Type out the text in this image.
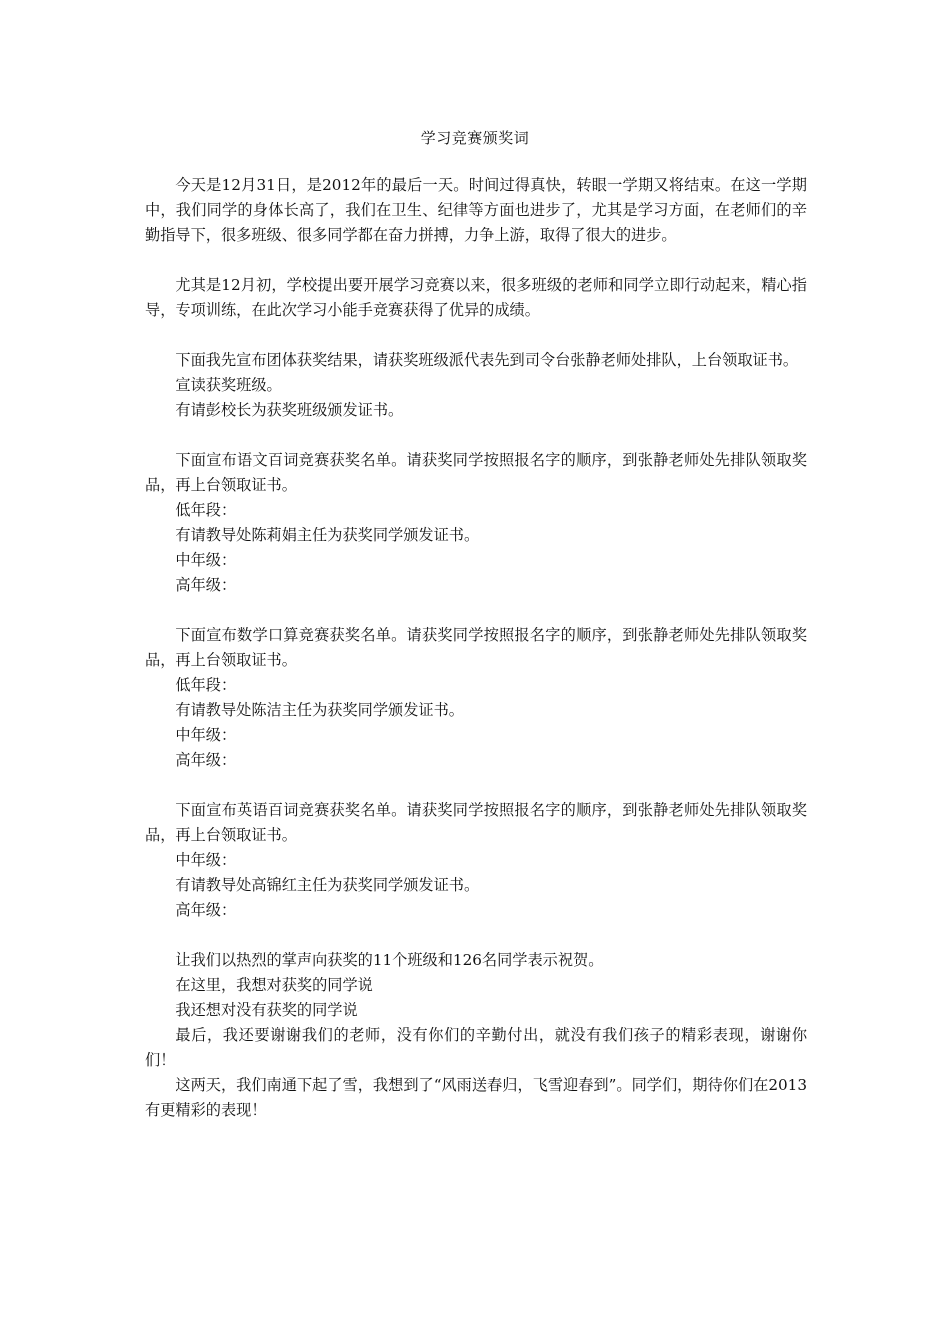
学习竞赛颁奖词

今天是12月31日，是2012年的最后一天。时间过得真快，转眼一学期又将结束。在这一学期中，我们同学的身体长高了，我们在卫生、纪律等方面也进步了，尤其是学习方面，在老师们的辛勤指导下，很多班级、很多同学都在奋力拼搏，力争上游，取得了很大的进步。

尤其是12月初，学校提出要开展学习竞赛以来，很多班级的老师和同学立即行动起来，精心指导，专项训练，在此次学习小能手竞赛获得了优异的成绩。

下面我先宣布团体获奖结果，请获奖班级派代表先到司令台张静老师处排队，上台领取证书。

宣读获奖班级。

有请彭校长为获奖班级颁发证书。

下面宣布语文百词竞赛获奖名单。请获奖同学按照报名字的顺序，到张静老师处先排队领取奖品，再上台领取证书。

低年段：

有请教导处陈莉娟主任为获奖同学颁发证书。

中年级：

高年级：

下面宣布数学口算竞赛获奖名单。请获奖同学按照报名字的顺序，到张静老师处先排队领取奖品，再上台领取证书。

低年段：

有请教导处陈洁主任为获奖同学颁发证书。

中年级：

高年级：

下面宣布英语百词竞赛获奖名单。请获奖同学按照报名字的顺序，到张静老师处先排队领取奖品，再上台领取证书。

中年级：

有请教导处高锦红主任为获奖同学颁发证书。

高年级：

让我们以热烈的掌声向获奖的11个班级和126名同学表示祝贺。

在这里，我想对获奖的同学说

我还想对没有获奖的同学说

最后，我还要谢谢我们的老师，没有你们的辛勤付出，就没有我们孩子的精彩表现，谢谢你们！

这两天，我们南通下起了雪，我想到了“风雨送春归，飞雪迎春到”。同学们，期待你们在2013有更精彩的表现！
